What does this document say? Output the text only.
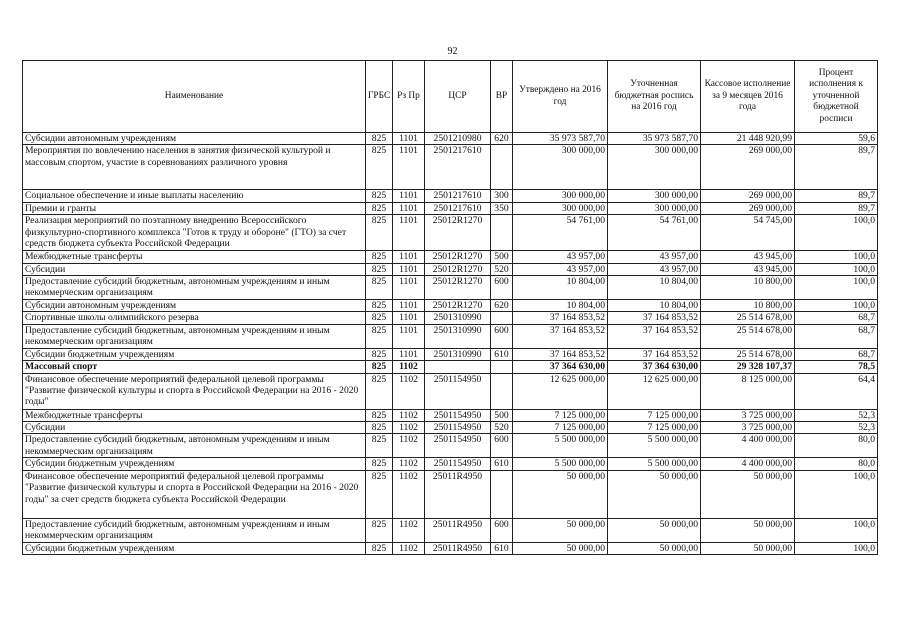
92
Наименование	ГРБС	Рз Пр	ЦСР	ВР	Утверждено на 2016 год	Уточненная бюджетная роспись на 2016 год	Кассовое исполнение за 9 месяцев 2016 года	Процент исполнения к уточненной бюджетной росписи
Субсидии автономным учреждениям	825	1101	2501210980	620	35 973 587,70	35 973 587,70	21 448 920,99	59,6
Мероприятия по вовлечению населения в занятия физической культурой и массовым спортом, участие в соревнованиях различного уровня	825	1101	2501217610		300 000,00	300 000,00	269 000,00	89,7
Социальное обеспечение и иные выплаты населению	825	1101	2501217610	300	300 000,00	300 000,00	269 000,00	89,7
Премии и гранты	825	1101	2501217610	350	300 000,00	300 000,00	269 000,00	89,7
Реализация мероприятий по поэтапному внедрению Всероссийского физкультурно-спортивного комплекса "Готов к труду и обороне" (ГТО) за счет средств бюджета субъекта Российской Федерации	825	1101	25012R1270		54 761,00	54 761,00	54 745,00	100,0
Межбюджетные трансферты	825	1101	25012R1270	500	43 957,00	43 957,00	43 945,00	100,0
Субсидии	825	1101	25012R1270	520	43 957,00	43 957,00	43 945,00	100,0
Предоставление субсидий бюджетным, автономным учреждениям и иным некоммерческим организациям	825	1101	25012R1270	600	10 804,00	10 804,00	10 800,00	100,0
Субсидии автономным учреждениям	825	1101	25012R1270	620	10 804,00	10 804,00	10 800,00	100,0
Спортивные школы олимпийского резерва	825	1101	2501310990		37 164 853,52	37 164 853,52	25 514 678,00	68,7
Предоставление субсидий бюджетным, автономным учреждениям и иным некоммерческим организациям	825	1101	2501310990	600	37 164 853,52	37 164 853,52	25 514 678,00	68,7
Субсидии бюджетным учреждениям	825	1101	2501310990	610	37 164 853,52	37 164 853,52	25 514 678,00	68,7
Массовый спорт	825	1102			37 364 630,00	37 364 630,00	29 328 107,37	78,5
Финансовое обеспечение мероприятий федеральной целевой программы "Развитие физической культуры и спорта в Российской Федерации на 2016 - 2020 годы"	825	1102	2501154950		12 625 000,00	12 625 000,00	8 125 000,00	64,4
Межбюджетные трансферты	825	1102	2501154950	500	7 125 000,00	7 125 000,00	3 725 000,00	52,3
Субсидии	825	1102	2501154950	520	7 125 000,00	7 125 000,00	3 725 000,00	52,3
Предоставление субсидий бюджетным, автономным учреждениям и иным некоммерческим организациям	825	1102	2501154950	600	5 500 000,00	5 500 000,00	4 400 000,00	80,0
Субсидии бюджетным учреждениям	825	1102	2501154950	610	5 500 000,00	5 500 000,00	4 400 000,00	80,0
Финансовое обеспечение мероприятий федеральной целевой программы "Развитие физической культуры и спорта в Российской Федерации на 2016 - 2020 годы" за счет средств бюджета субъекта Российской Федерации	825	1102	25011R4950		50 000,00	50 000,00	50 000,00	100,0
Предоставление субсидий бюджетным, автономным учреждениям и иным некоммерческим организациям	825	1102	25011R4950	600	50 000,00	50 000,00	50 000,00	100,0
Субсидии бюджетным учреждениям	825	1102	25011R4950	610	50 000,00	50 000,00	50 000,00	100,0
